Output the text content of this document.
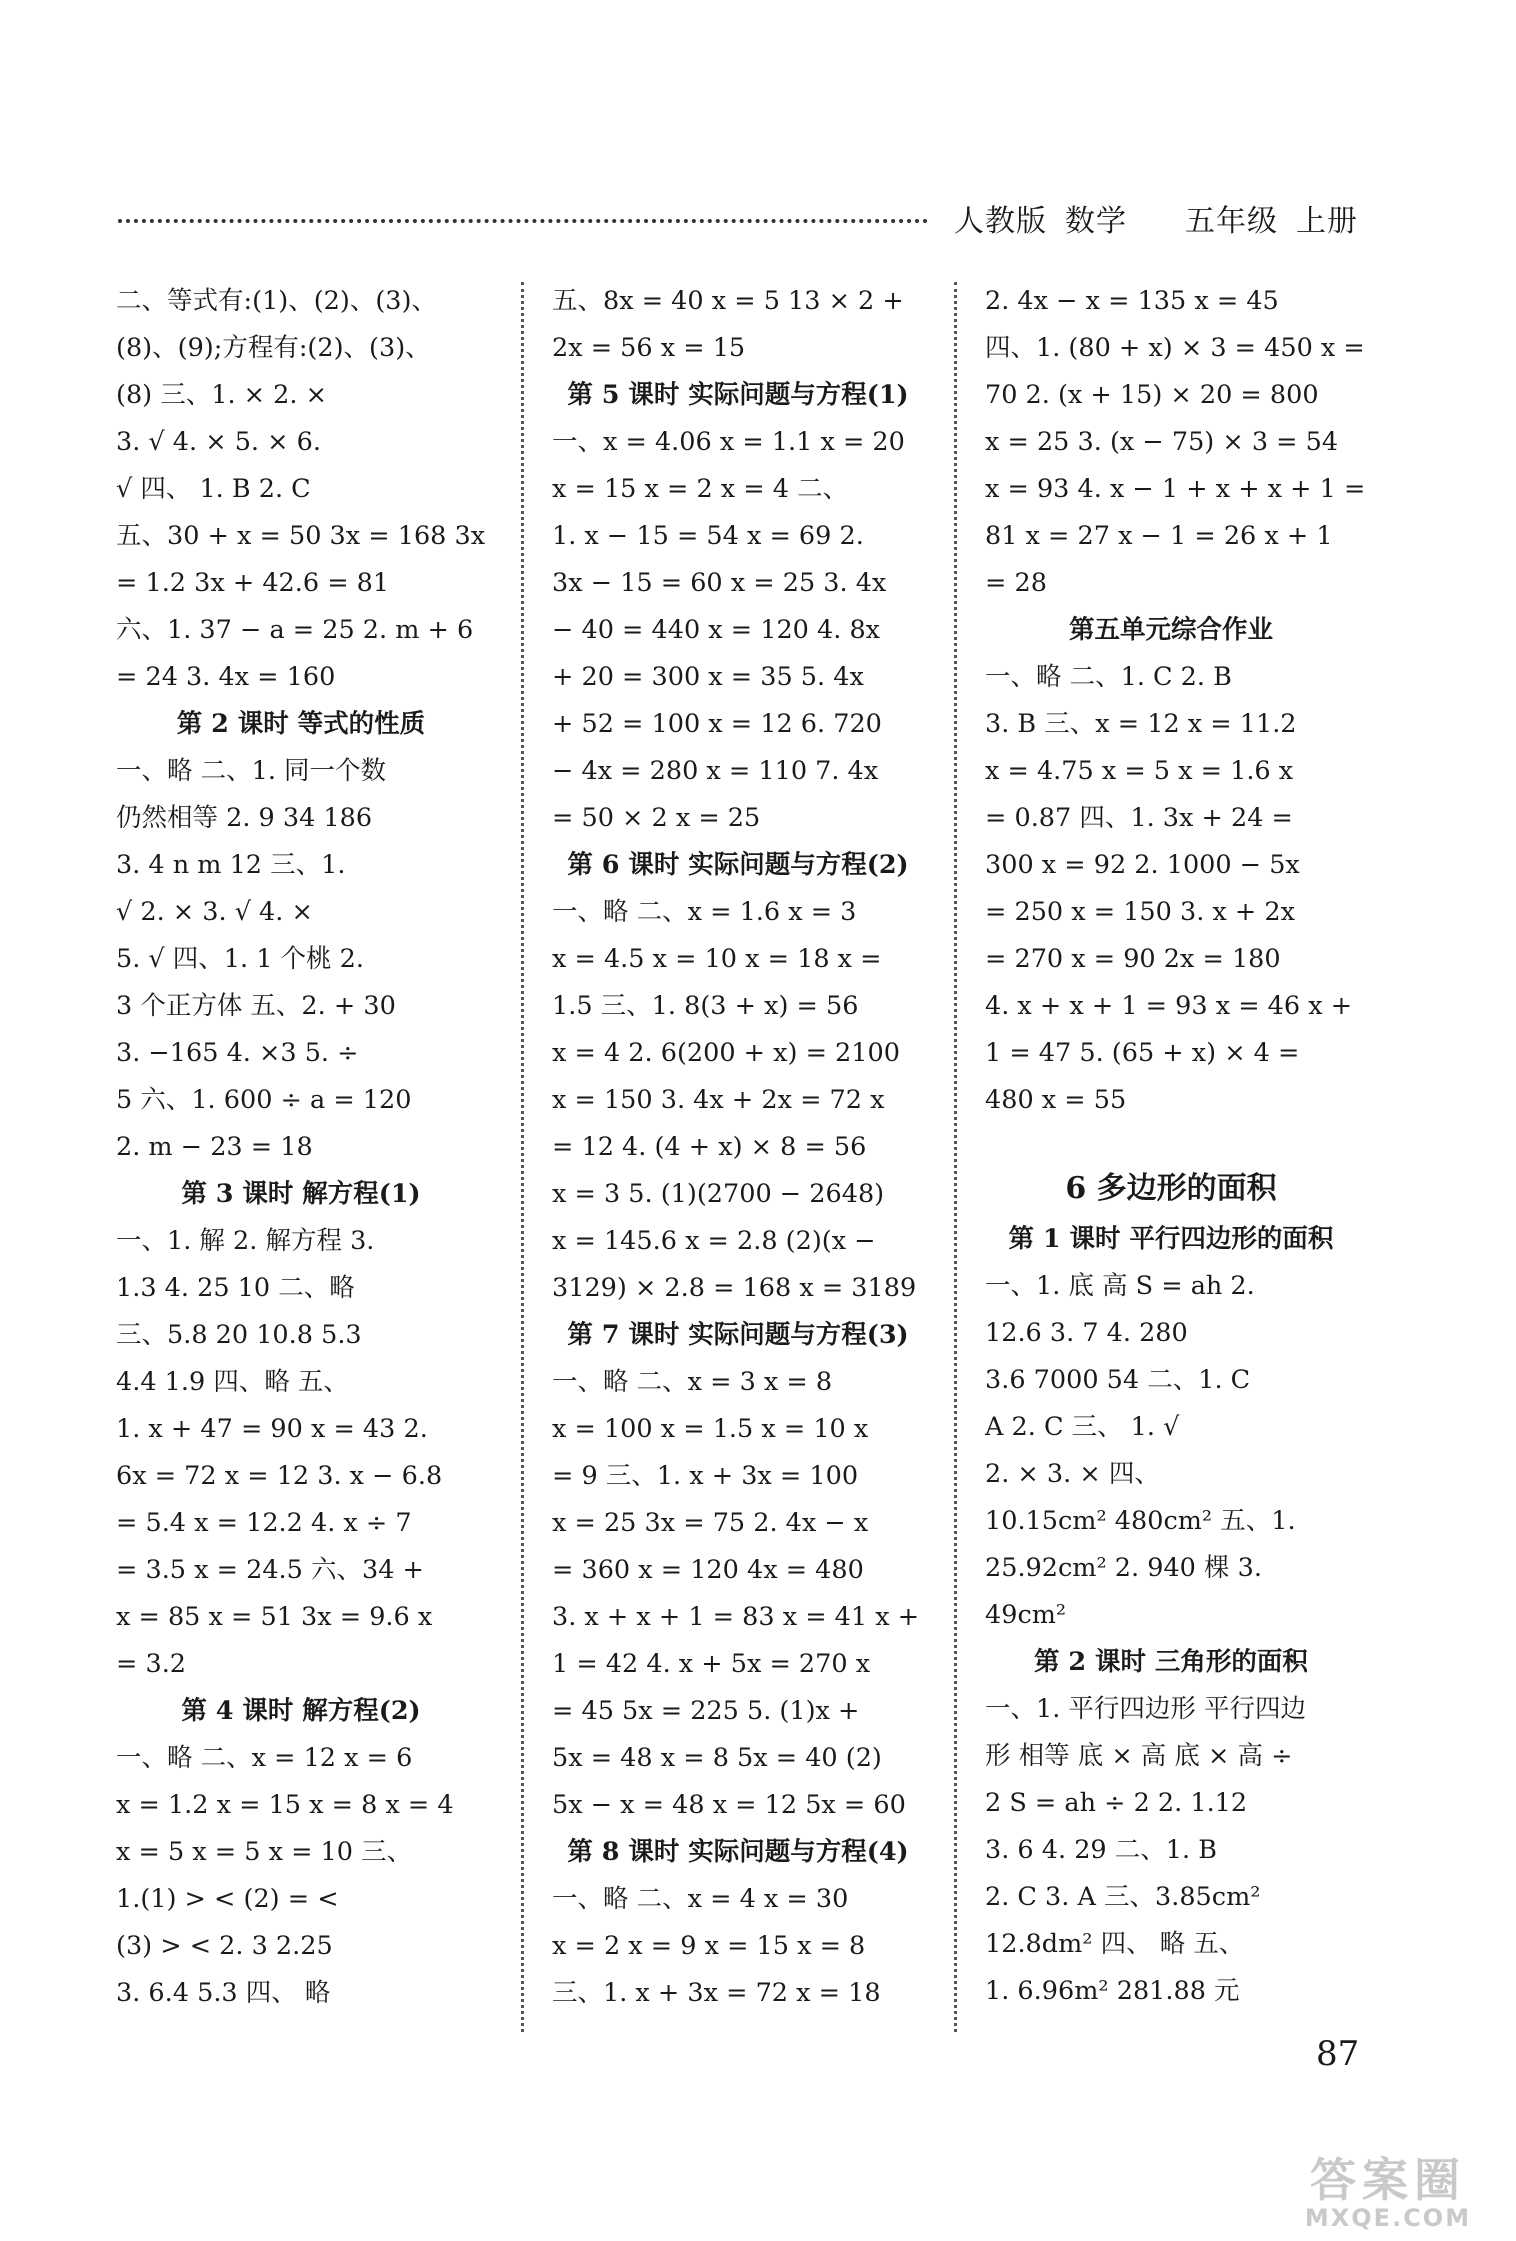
人教版 数学 五年级 上册
二、等式有:(1)、(2)、(3)、
(8)、(9);方程有:(2)、(3)、
(8) 三、1. × 2. ×
3. √ 4. × 5. × 6.
√ 四、 1. B 2. C
五、30 + x = 50 3x = 168 3x
= 1.2 3x + 42.6 = 81
六、1. 37 − a = 25 2. m + 6
= 24 3. 4x = 160
第 2 课时 等式的性质
一、略 二、1. 同一个数
仍然相等 2. 9 34 186
3. 4 n m 12 三、1.
√ 2. × 3. √ 4. ×
5. √ 四、1. 1 个桃 2.
3 个正方体 五、2. + 30
3. −165 4. ×3 5. ÷
5 六、1. 600 ÷ a = 120
2. m − 23 = 18
第 3 课时 解方程(1)
一、1. 解 2. 解方程 3.
1.3 4. 25 10 二、略
三、5.8 20 10.8 5.3
4.4 1.9 四、略 五、
1. x + 47 = 90 x = 43 2.
6x = 72 x = 12 3. x − 6.8
= 5.4 x = 12.2 4. x ÷ 7
= 3.5 x = 24.5 六、34 +
x = 85 x = 51 3x = 9.6 x
= 3.2
第 4 课时 解方程(2)
一、略 二、x = 12 x = 6
x = 1.2 x = 15 x = 8 x = 4
x = 5 x = 5 x = 10 三、
1.(1) > < (2) = <
(3) > < 2. 3 2.25
3. 6.4 5.3 四、 略
五、8x = 40 x = 5 13 × 2 +
2x = 56 x = 15
第 5 课时 实际问题与方程(1)
一、x = 4.06 x = 1.1 x = 20
x = 15 x = 2 x = 4 二、
1. x − 15 = 54 x = 69 2.
3x − 15 = 60 x = 25 3. 4x
− 40 = 440 x = 120 4. 8x
+ 20 = 300 x = 35 5. 4x
+ 52 = 100 x = 12 6. 720
− 4x = 280 x = 110 7. 4x
= 50 × 2 x = 25
第 6 课时 实际问题与方程(2)
一、略 二、x = 1.6 x = 3
x = 4.5 x = 10 x = 18 x =
1.5 三、1. 8(3 + x) = 56
x = 4 2. 6(200 + x) = 2100
x = 150 3. 4x + 2x = 72 x
= 12 4. (4 + x) × 8 = 56
x = 3 5. (1)(2700 − 2648)
x = 145.6 x = 2.8 (2)(x −
3129) × 2.8 = 168 x = 3189
第 7 课时 实际问题与方程(3)
一、略 二、x = 3 x = 8
x = 100 x = 1.5 x = 10 x
= 9 三、1. x + 3x = 100
x = 25 3x = 75 2. 4x − x
= 360 x = 120 4x = 480
3. x + x + 1 = 83 x = 41 x +
1 = 42 4. x + 5x = 270 x
= 45 5x = 225 5. (1)x +
5x = 48 x = 8 5x = 40 (2)
5x − x = 48 x = 12 5x = 60
第 8 课时 实际问题与方程(4)
一、略 二、x = 4 x = 30
x = 2 x = 9 x = 15 x = 8
三、1. x + 3x = 72 x = 18
2. 4x − x = 135 x = 45
四、1. (80 + x) × 3 = 450 x =
70 2. (x + 15) × 20 = 800
x = 25 3. (x − 75) × 3 = 54
x = 93 4. x − 1 + x + x + 1 =
81 x = 27 x − 1 = 26 x + 1
= 28
第五单元综合作业
一、略 二、1. C 2. B
3. B 三、x = 12 x = 11.2
x = 4.75 x = 5 x = 1.6 x
= 0.87 四、1. 3x + 24 =
300 x = 92 2. 1000 − 5x
= 250 x = 150 3. x + 2x
= 270 x = 90 2x = 180
4. x + x + 1 = 93 x = 46 x +
1 = 47 5. (65 + x) × 4 =
480 x = 55
6 多边形的面积
第 1 课时 平行四边形的面积
一、1. 底 高 S = ah 2.
12.6 3. 7 4. 280
3.6 7000 54 二、1. C
A 2. C 三、 1. √
2. × 3. × 四、
10.15cm² 480cm² 五、1.
25.92cm² 2. 940 棵 3.
49cm²
第 2 课时 三角形的面积
一、1. 平行四边形 平行四边
形 相等 底 × 高 底 × 高 ÷
2 S = ah ÷ 2 2. 1.12
3. 6 4. 29 二、1. B
2. C 3. A 三、3.85cm²
12.8dm² 四、 略 五、
1. 6.96m² 281.88 元
87
答案圈
MXQE.COM
